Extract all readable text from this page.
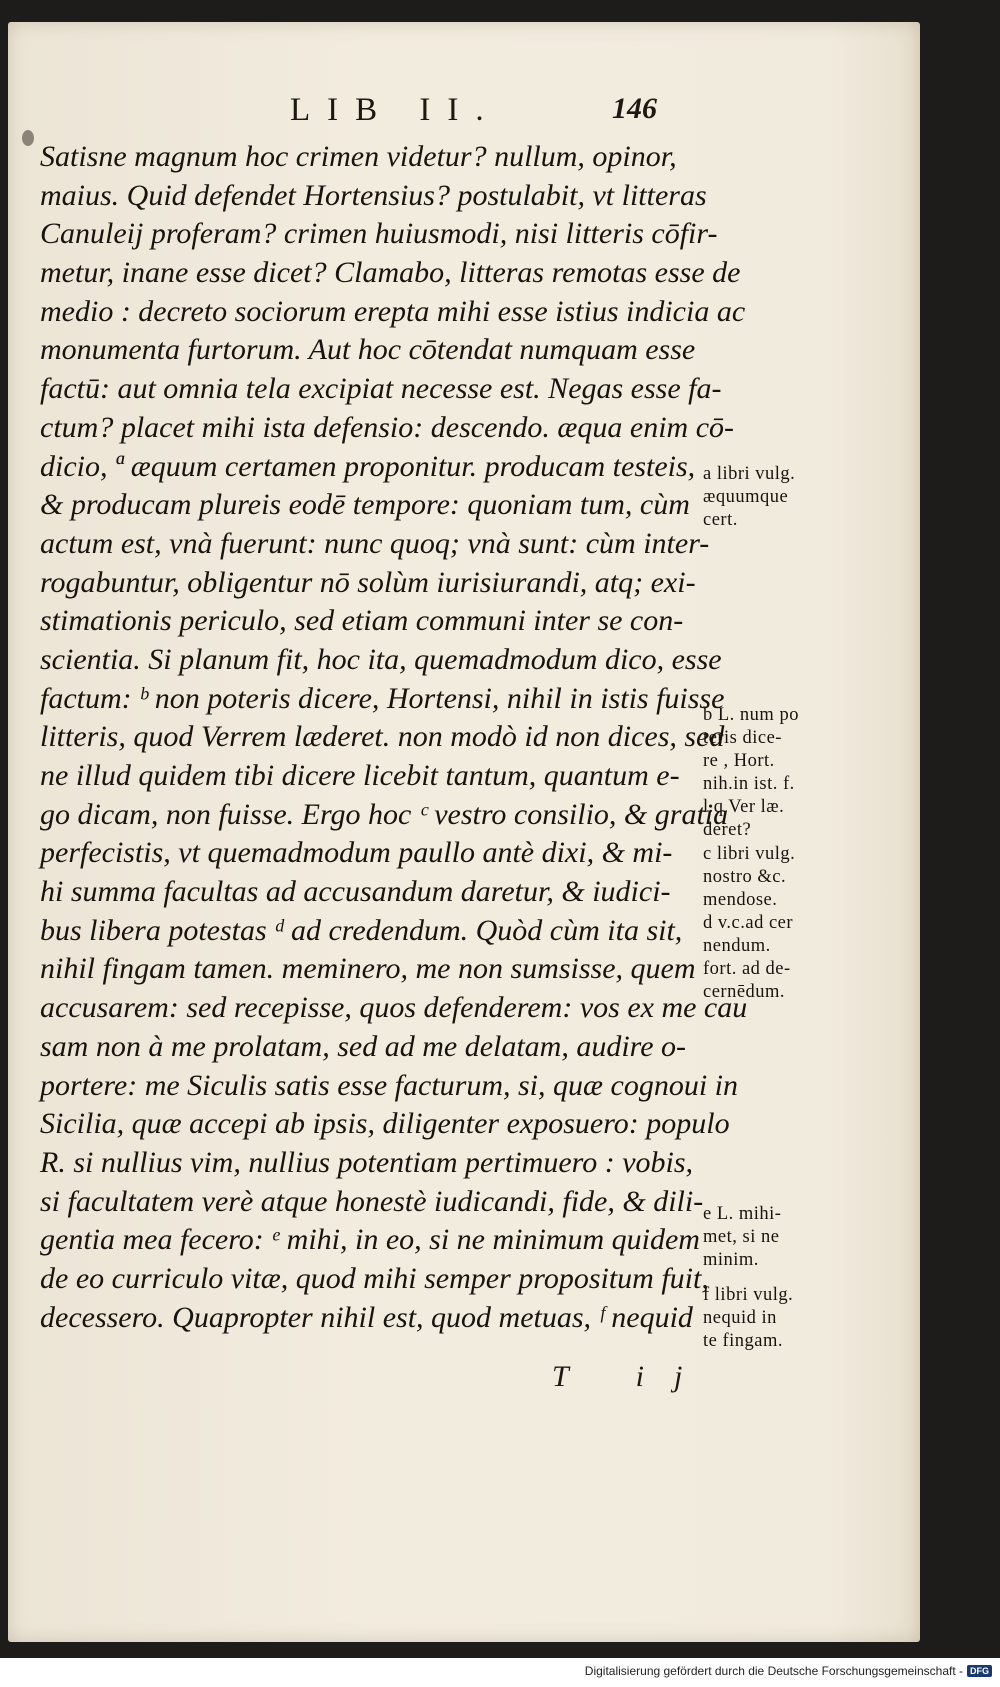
LIB II.	146
Satisne magnum hoc crimen videtur? nullum, opinor,
maius. Quid defendet Hortensius? postulabit, vt litteras
Canuleij proferam? crimen huiusmodi, nisi litteris cōfir-
metur, inane esse dicet? Clamabo, litteras remotas esse de
medio : decreto sociorum erepta mihi esse istius indicia ac
monumenta furtorum. Aut hoc cōtendat numquam esse
factū: aut omnia tela excipiat necesse est. Negas esse fa-
ctum? placet mihi ista defensio: descendo. æqua enim cō-
dicio, ª æquum certamen proponitur. producam testeis,
& producam plureis eodē tempore: quoniam tum, cùm
actum est, vnà fuerunt: nunc quoq; vnà sunt: cùm inter-
rogabuntur, obligentur nō solùm iurisiurandi, atq; exi-
stimationis periculo, sed etiam communi inter se con-
scientia. Si planum fit, hoc ita, quemadmodum dico, esse
factum: ᵇ non poteris dicere, Hortensi, nihil in istis fuisse
litteris, quod Verrem læderet. non modò id non dices, sed
ne illud quidem tibi dicere licebit tantum, quantum e-
go dicam, non fuisse. Ergo hoc ᶜ vestro consilio, & gratia
perfecistis, vt quemadmodum paullo antè dixi, & mi-
hi summa facultas ad accusandum daretur, & iudici-
bus libera potestas ᵈ ad credendum. Quòd cùm ita sit,
nihil fingam tamen. meminero, me non sumsisse, quem
accusarem: sed recepisse, quos defenderem: vos ex me cau
sam non à me prolatam, sed ad me delatam, audire o-
portere: me Siculis satis esse facturum, si, quæ cognoui in
Sicilia, quæ accepi ab ipsis, diligenter exposuero: populo
R. si nullius vim, nullius potentiam pertimuero : vobis,
si facultatem verè atque honestè iudicandi, fide, & dili-
gentia mea fecero: ᵉ mihi, in eo, si ne minimum quidem
de eo curriculo vitæ, quod mihi semper propositum fuit,
decessero. Quapropter nihil est, quod metuas, ᶠ nequid
a libri vulg.
æquumque
cert.
b L. num po
teris dice-
re , Hort.
nih.in ist. f.
l.q Ver læ.
deret?
c libri vulg.
nostro &c.
mendose.
d v.c.ad cer
nendum.
fort. ad de-
cernēdum.
e L. mihi-
met, si ne
minim.
f libri vulg.
nequid in
te fingam.
T ij
Digitalisierung gefördert durch die Deutsche Forschungsgemeinschaft - DFG
